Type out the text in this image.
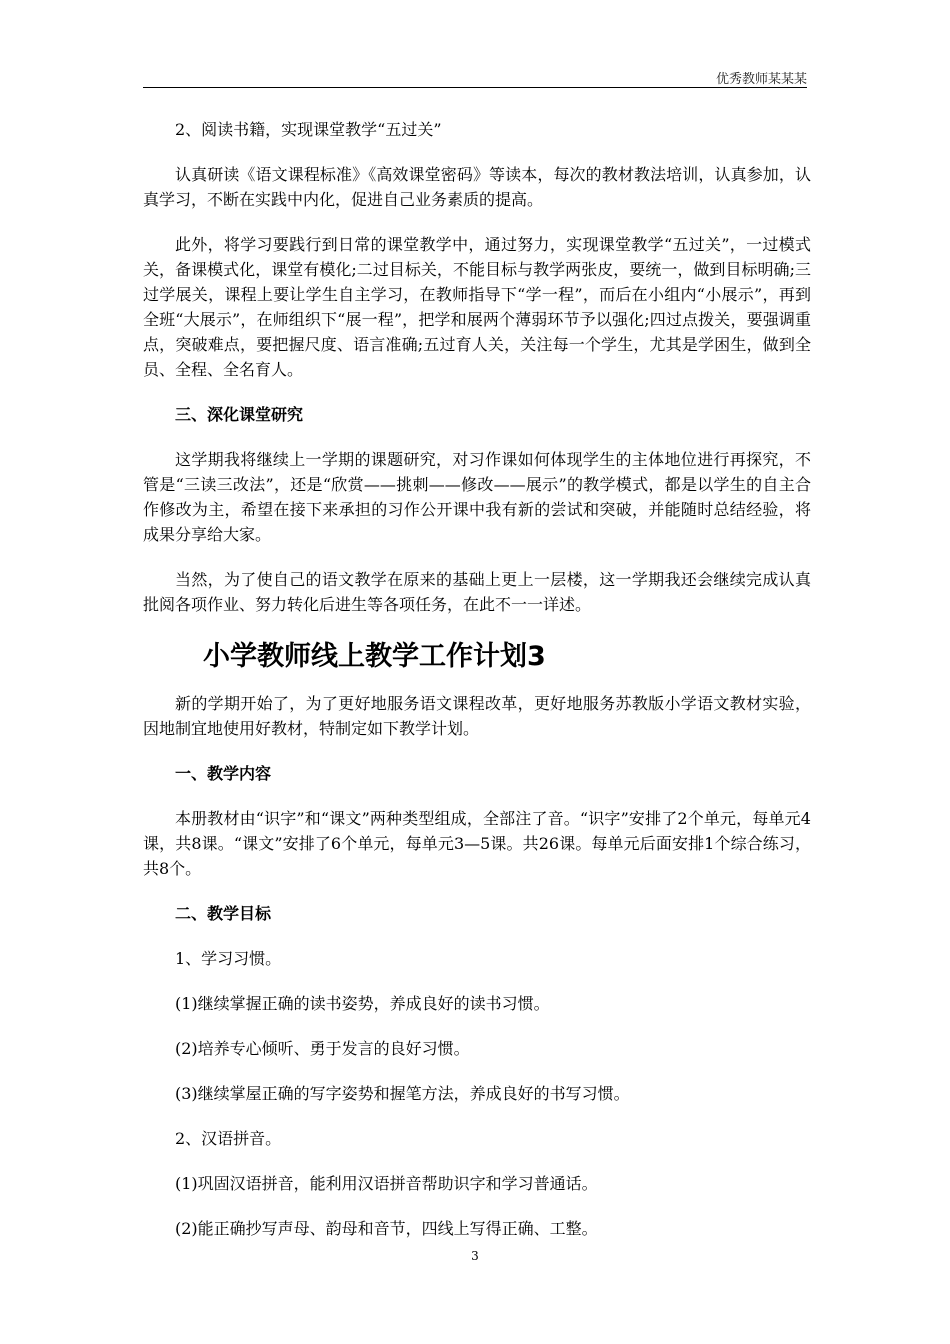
优秀教师某某某

2、阅读书籍，实现课堂教学“五过关”

认真研读《语文课程标准》《高效课堂密码》等读本，每次的教材教法培训，认真参加，认真学习，不断在实践中内化，促进自己业务素质的提高。

此外，将学习要践行到日常的课堂教学中，通过努力，实现课堂教学“五过关”，一过模式关，备课模式化，课堂有模化;二过目标关，不能目标与教学两张皮，要统一，做到目标明确;三过学展关，课程上要让学生自主学习，在教师指导下“学一程”，而后在小组内“小展示”，再到全班“大展示”，在师组织下“展一程”，把学和展两个薄弱环节予以强化;四过点拨关，要强调重点，突破难点，要把握尺度、语言准确;五过育人关，关注每一个学生，尤其是学困生，做到全员、全程、全名育人。

三、深化课堂研究

这学期我将继续上一学期的课题研究，对习作课如何体现学生的主体地位进行再探究，不管是“三读三改法”，还是“欣赏——挑刺——修改——展示”的教学模式，都是以学生的自主合作修改为主，希望在接下来承担的习作公开课中我有新的尝试和突破，并能随时总结经验，将成果分享给大家。

当然，为了使自己的语文教学在原来的基础上更上一层楼，这一学期我还会继续完成认真批阅各项作业、努力转化后进生等各项任务，在此不一一详述。

小学教师线上教学工作计划3

新的学期开始了，为了更好地服务语文课程改革，更好地服务苏教版小学语文教材实验，因地制宜地使用好教材，特制定如下教学计划。

一、教学内容

本册教材由“识字”和“课文”两种类型组成，全部注了音。“识字”安排了2个单元，每单元4课，共8课。“课文”安排了6个单元，每单元3—5课。共26课。每单元后面安排1个综合练习，共8个。

二、教学目标

1、学习习惯。

(1)继续掌握正确的读书姿势，养成良好的读书习惯。

(2)培养专心倾听、勇于发言的良好习惯。

(3)继续掌屋正确的写字姿势和握笔方法，养成良好的书写习惯。

2、汉语拼音。

(1)巩固汉语拼音，能利用汉语拼音帮助识字和学习普通话。

(2)能正确抄写声母、韵母和音节，四线上写得正确、工整。

3
